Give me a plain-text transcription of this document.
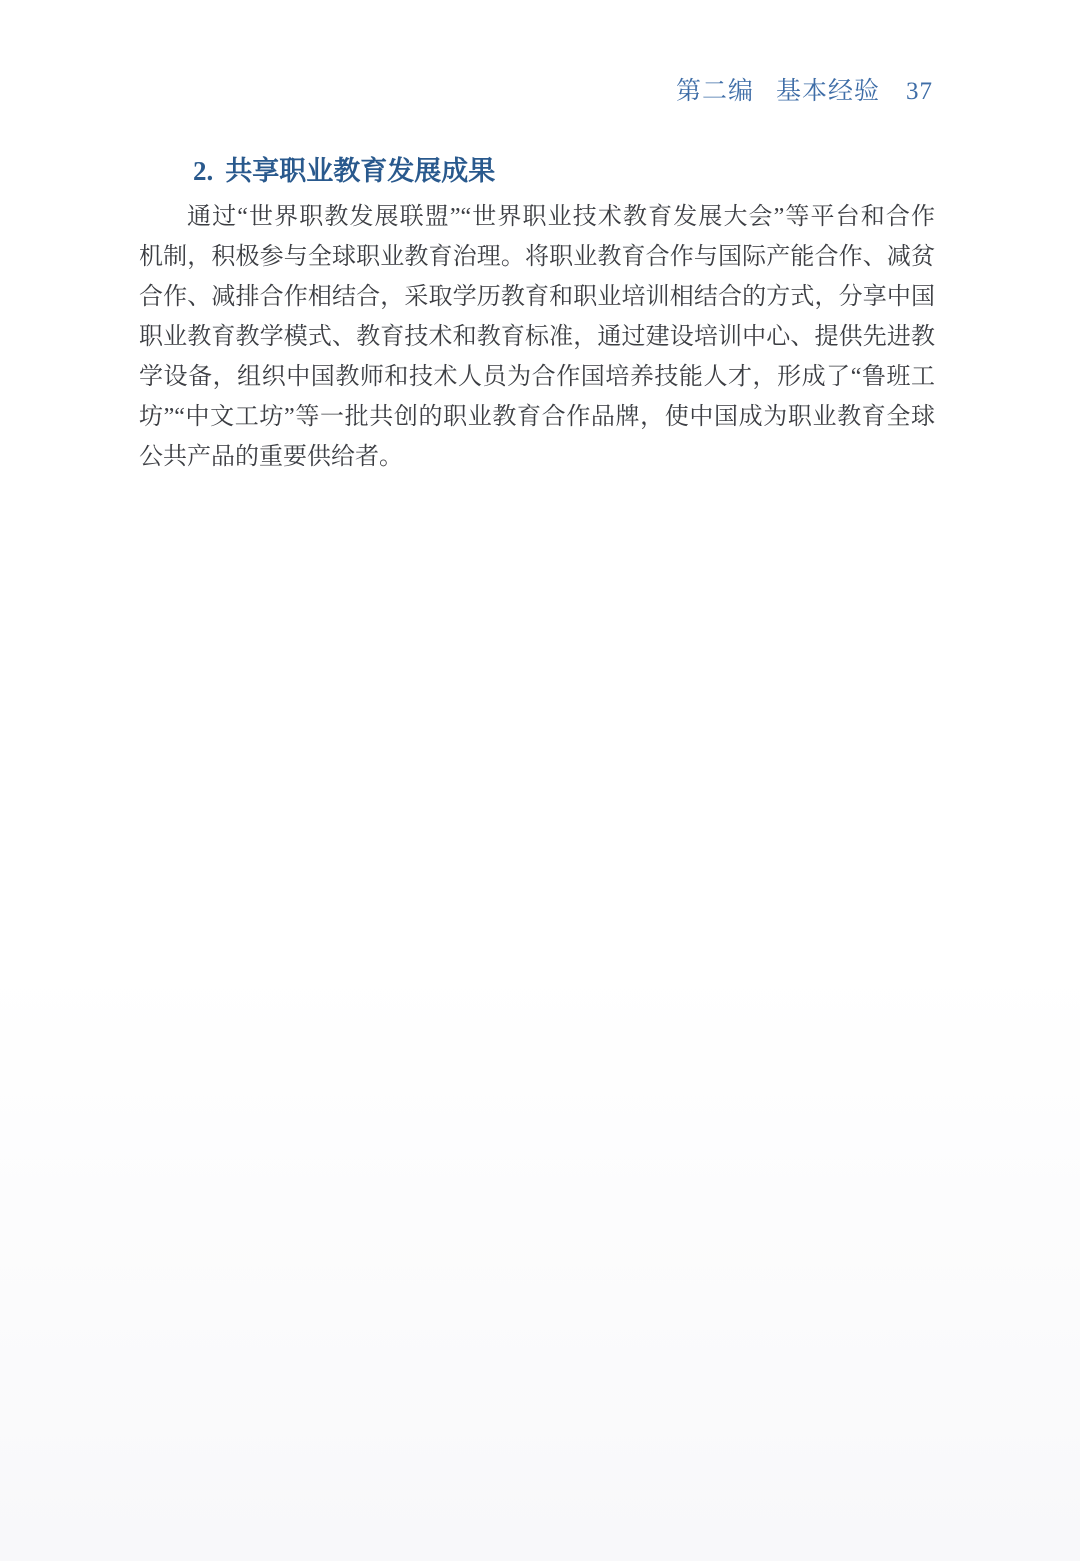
第二编 基本经验 37
2. 共享职业教育发展成果
通过“世界职教发展联盟”“世界职业技术教育发展大会”等平台和合作
机制，积极参与全球职业教育治理。将职业教育合作与国际产能合作、减贫
合作、减排合作相结合，采取学历教育和职业培训相结合的方式，分享中国
职业教育教学模式、教育技术和教育标准，通过建设培训中心、提供先进教
学设备，组织中国教师和技术人员为合作国培养技能人才，形成了“鲁班工
坊”“中文工坊”等一批共创的职业教育合作品牌，使中国成为职业教育全球
公共产品的重要供给者。
